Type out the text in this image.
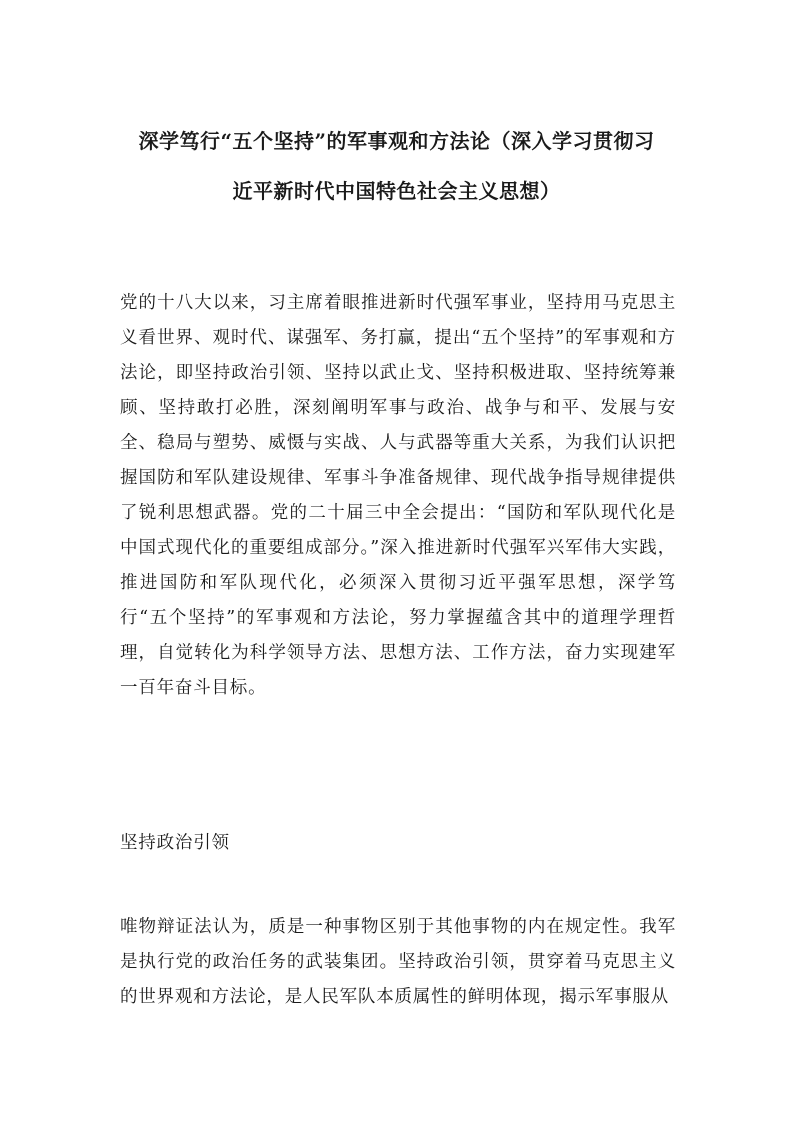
深学笃行“五个坚持”的军事观和方法论（深入学习贯彻习
近平新时代中国特色社会主义思想）
党的十八大以来，习主席着眼推进新时代强军事业，坚持用马克思主义看世界、观时代、谋强军、务打赢，提出“五个坚持”的军事观和方法论，即坚持政治引领、坚持以武止戈、坚持积极进取、坚持统筹兼顾、坚持敢打必胜，深刻阐明军事与政治、战争与和平、发展与安全、稳局与塑势、威慑与实战、人与武器等重大关系，为我们认识把握国防和军队建设规律、军事斗争准备规律、现代战争指导规律提供了锐利思想武器。党的二十届三中全会提出：“国防和军队现代化是中国式现代化的重要组成部分。”深入推进新时代强军兴军伟大实践，推进国防和军队现代化，必须深入贯彻习近平强军思想，深学笃行“五个坚持”的军事观和方法论，努力掌握蕴含其中的道理学理哲理，自觉转化为科学领导方法、思想方法、工作方法，奋力实现建军一百年奋斗目标。
坚持政治引领
唯物辩证法认为，质是一种事物区别于其他事物的内在规定性。我军是执行党的政治任务的武装集团。坚持政治引领，贯穿着马克思主义的世界观和方法论，是人民军队本质属性的鲜明体现，揭示军事服从
